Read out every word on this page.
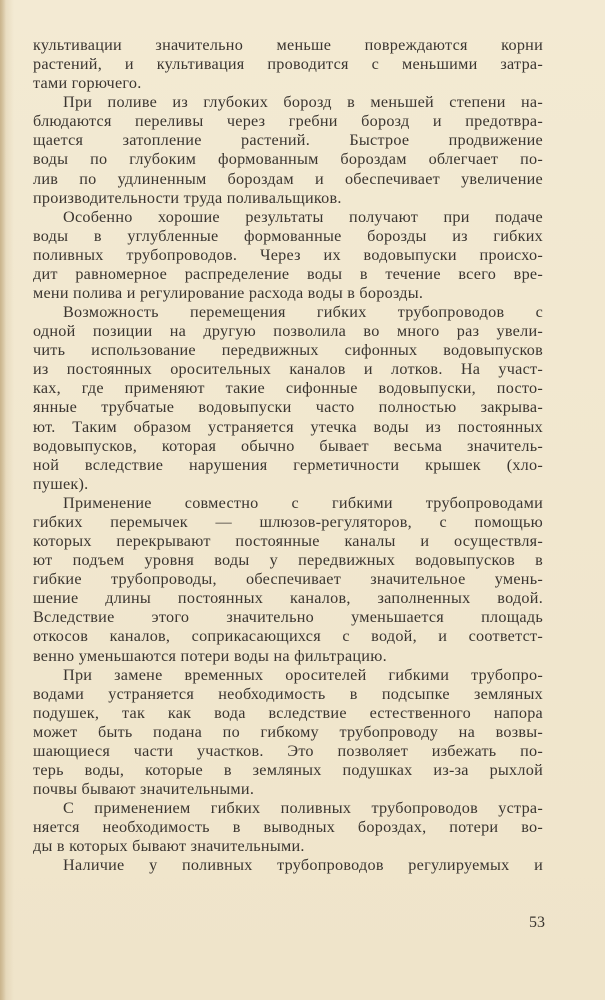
культивации значительно меньше повреждаются корни
растений, и культивация проводится с меньшими затра-
тами горючего.
При поливе из глубоких борозд в меньшей степени на-
блюдаются переливы через гребни борозд и предотвра-
щается затопление растений. Быстрое продвижение
воды по глубоким формованным бороздам облегчает по-
лив по удлиненным бороздам и обеспечивает увеличение
производительности труда поливальщиков.
Особенно хорошие результаты получают при подаче
воды в углубленные формованные борозды из гибких
поливных трубопроводов. Через их водовыпуски происхо-
дит равномерное распределение воды в течение всего вре-
мени полива и регулирование расхода воды в борозды.
Возможность перемещения гибких трубопроводов с
одной позиции на другую позволила во много раз увели-
чить использование передвижных сифонных водовыпусков
из постоянных оросительных каналов и лотков. На участ-
ках, где применяют такие сифонные водовыпуски, посто-
янные трубчатые водовыпуски часто полностью закрыва-
ют. Таким образом устраняется утечка воды из постоянных
водовыпусков, которая обычно бывает весьма значитель-
ной вследствие нарушения герметичности крышек (хло-
пушек).
Применение совместно с гибкими трубопроводами
гибких перемычек — шлюзов-регуляторов, с помощью
которых перекрывают постоянные каналы и осуществля-
ют подъем уровня воды у передвижных водовыпусков в
гибкие трубопроводы, обеспечивает значительное умень-
шение длины постоянных каналов, заполненных водой.
Вследствие этого значительно уменьшается площадь
откосов каналов, соприкасающихся с водой, и соответст-
венно уменьшаются потери воды на фильтрацию.
При замене временных оросителей гибкими трубопро-
водами устраняется необходимость в подсыпке земляных
подушек, так как вода вследствие естественного напора
может быть подана по гибкому трубопроводу на возвы-
шающиеся части участков. Это позволяет избежать по-
терь воды, которые в земляных подушках из-за рыхлой
почвы бывают значительными.
С применением гибких поливных трубопроводов устра-
няется необходимость в выводных бороздах, потери во-
ды в которых бывают значительными.
Наличие у поливных трубопроводов регулируемых и
53
